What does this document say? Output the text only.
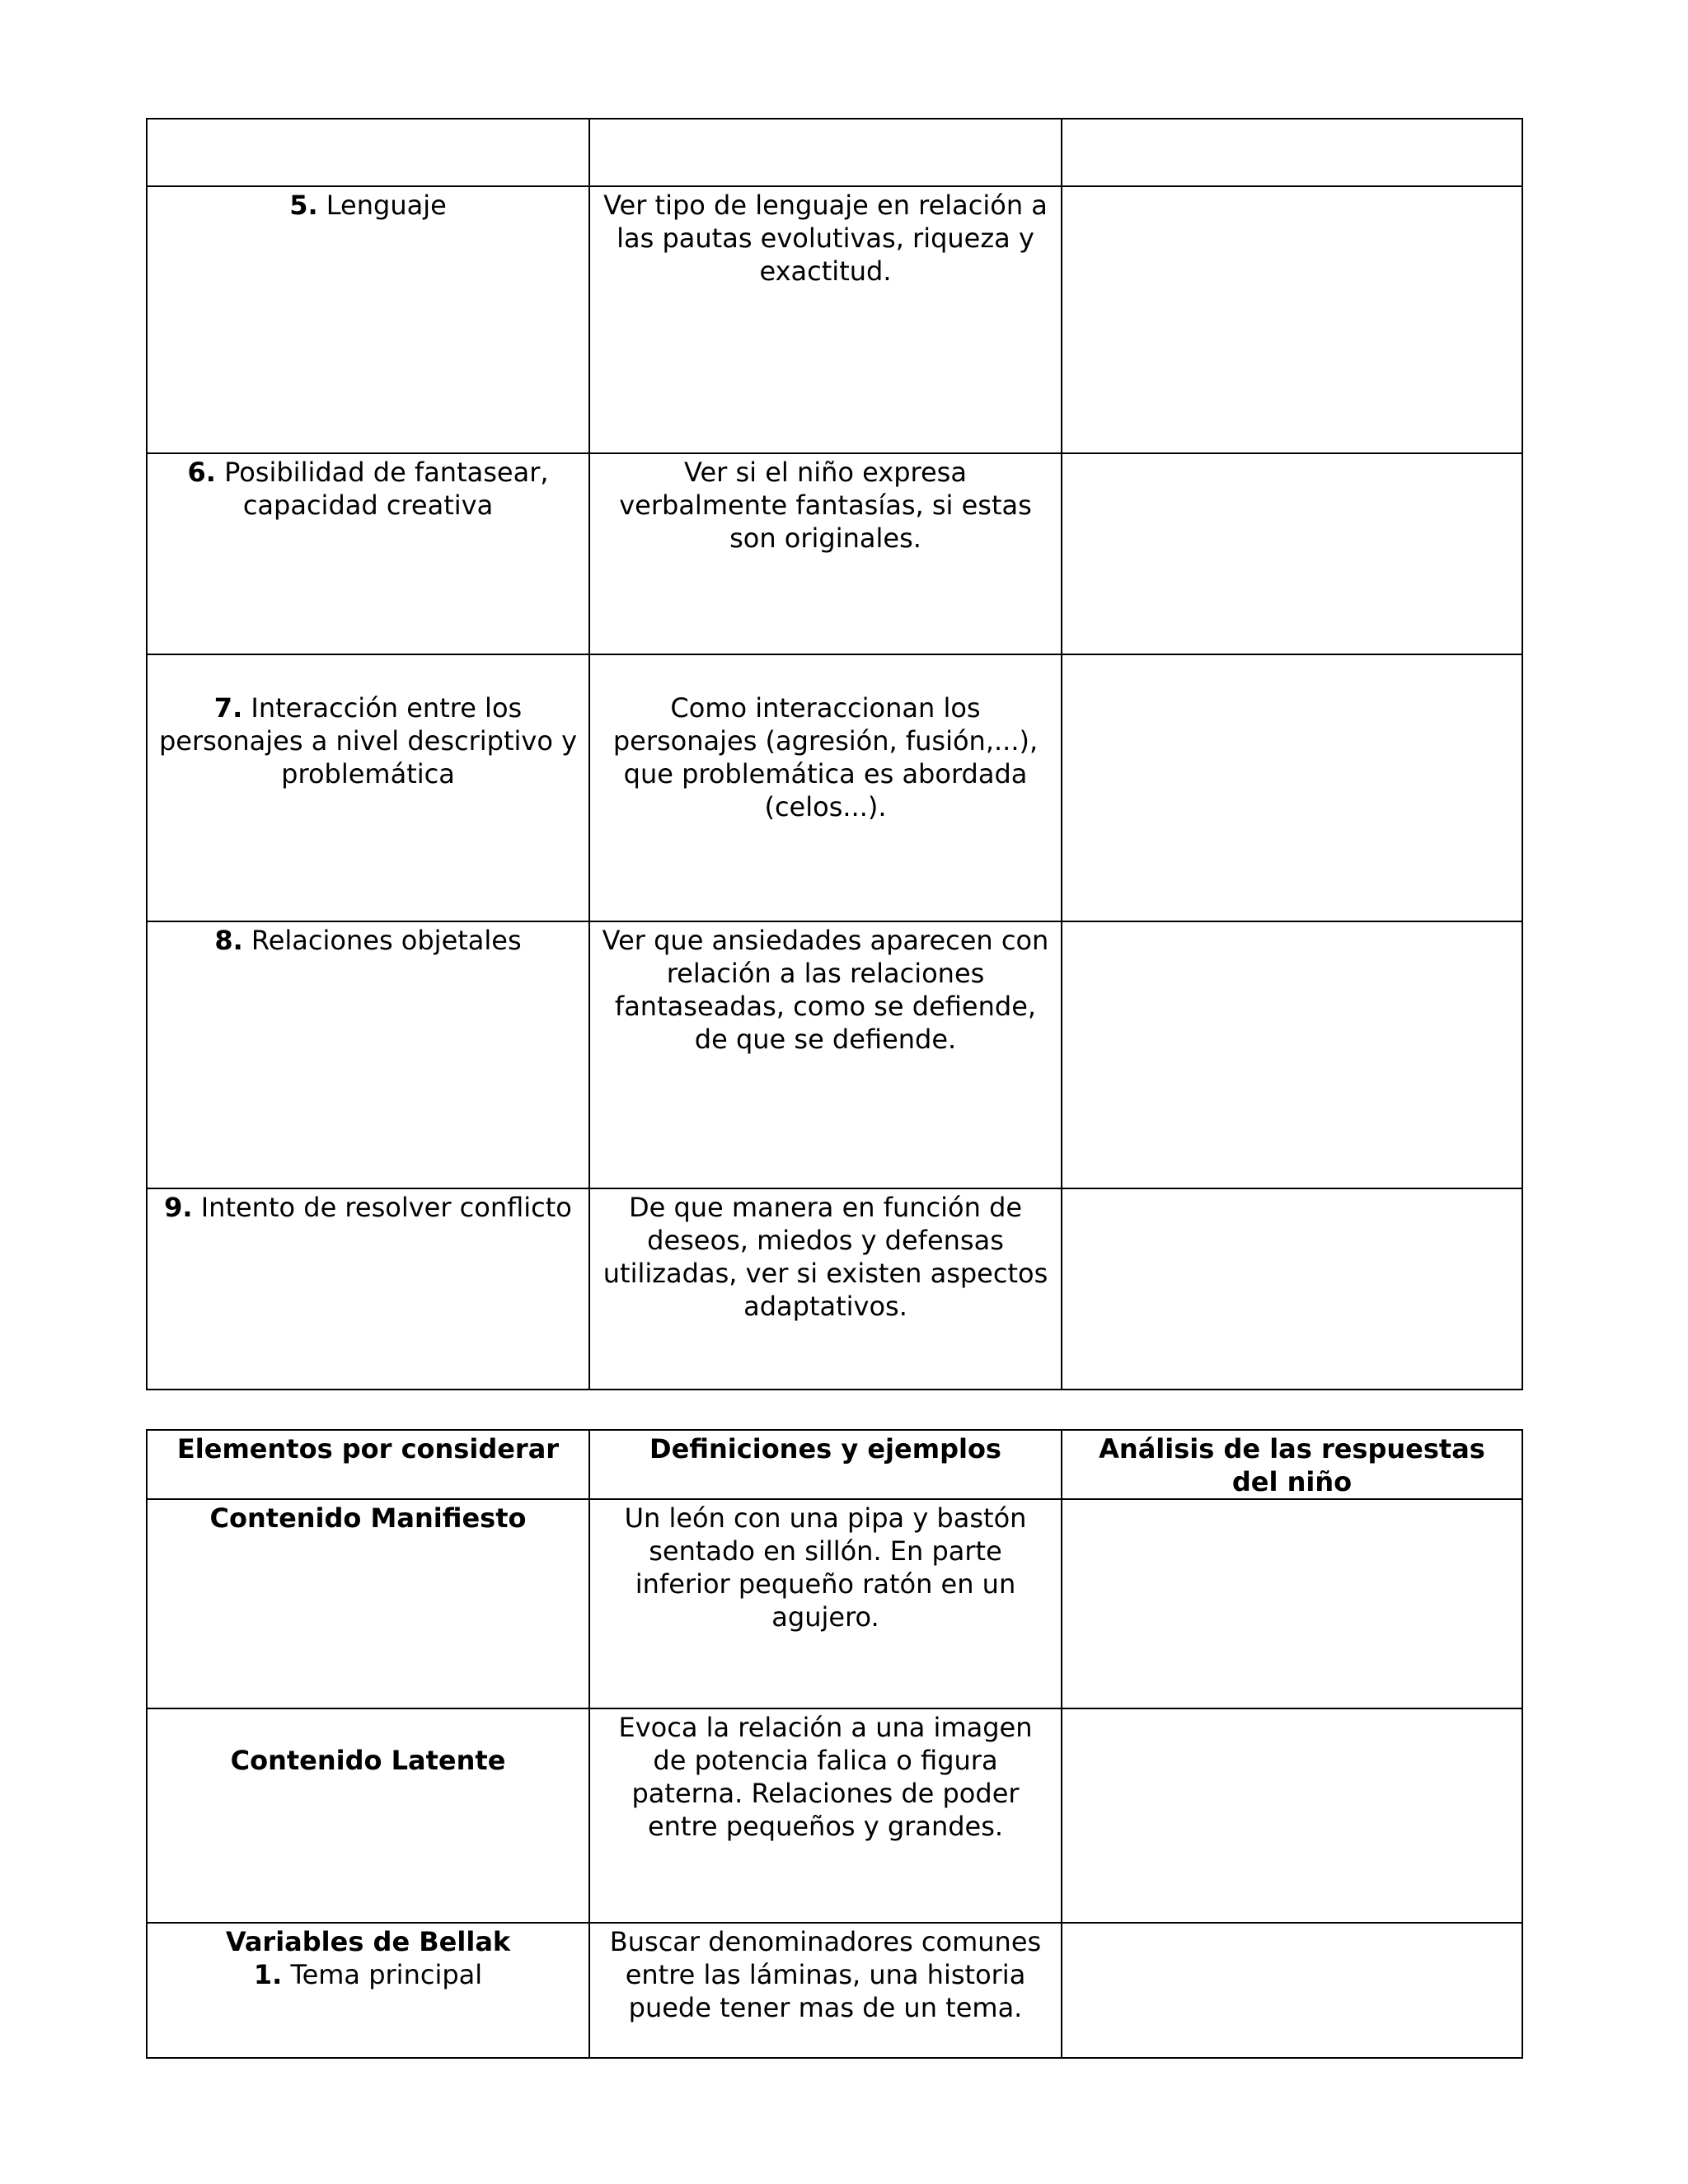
5. Lenguaje	Ver tipo de lenguaje en relación a las pautas evolutivas, riqueza y exactitud.	
6. Posibilidad de fantasear, capacidad creativa	Ver si el niño expresa verbalmente fantasías, si estas son originales.	
7. Interacción entre los personajes a nivel descriptivo y problemática	Como interaccionan los personajes (agresión, fusión,...), que problemática es abordada (celos...).	
8. Relaciones objetales	Ver que ansiedades aparecen con relación a las relaciones fantaseadas, como se defiende, de que se defiende.	
9. Intento de resolver conflicto	De que manera en función de deseos, miedos y defensas utilizadas, ver si existen aspectos adaptativos.	
Elementos por considerar	Definiciones y ejemplos	Análisis de las respuestas del niño
Contenido Manifiesto	Un león con una pipa y bastón sentado en sillón. En parte inferior pequeño ratón en un agujero.	
Contenido Latente	Evoca la relación a una imagen de potencia falica o figura paterna. Relaciones de poder entre pequeños y grandes.	

Variables de Bellak
1. Tema principal	Buscar denominadores comunes entre las láminas, una historia puede tener mas de un tema.	
